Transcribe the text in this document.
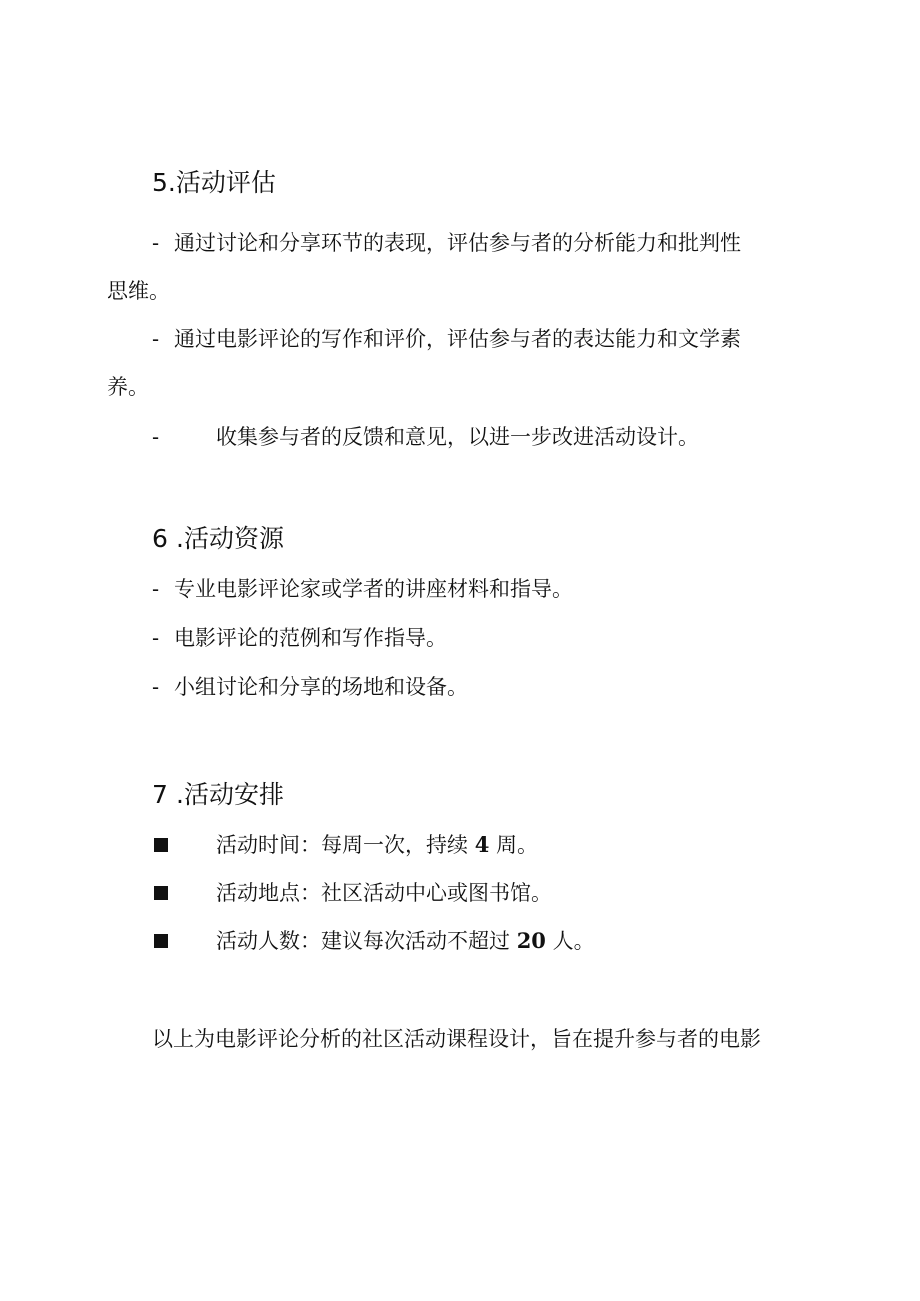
5.活动评估
- 通过讨论和分享环节的表现，评估参与者的分析能力和批判性
思维。
- 通过电影评论的写作和评价，评估参与者的表达能力和文学素
养。
-	收集参与者的反馈和意见，以进一步改进活动设计。
6 .活动资源
- 专业电影评论家或学者的讲座材料和指导。
- 电影评论的范例和写作指导。
- 小组讨论和分享的场地和设备。
7 .活动安排
活动时间：每周一次，持续 4 周。
活动地点：社区活动中心或图书馆。
活动人数：建议每次活动不超过 20 人。
以上为电影评论分析的社区活动课程设计，旨在提升参与者的电影
